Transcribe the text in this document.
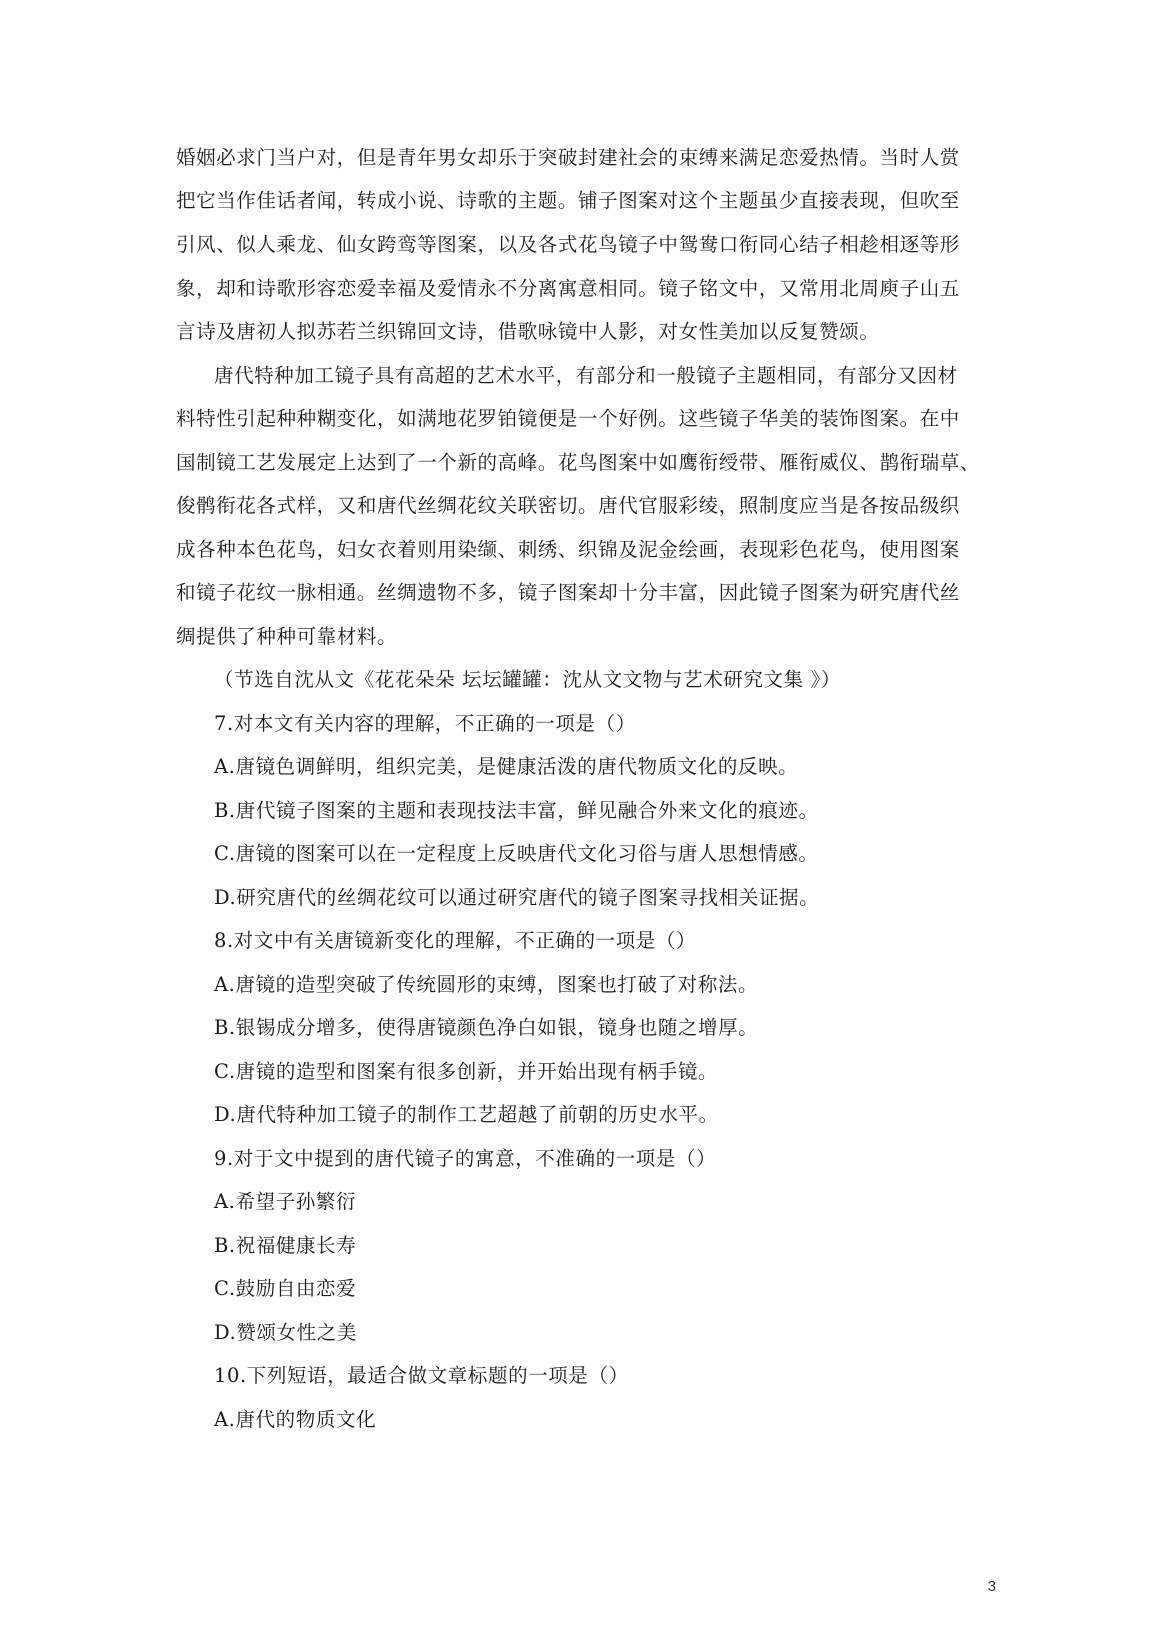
婚姻必求门当户对，但是青年男女却乐于突破封建社会的束缚来满足恋爱热情。当时人赏
把它当作佳话者闻，转成小说、诗歌的主题。铺子图案对这个主题虽少直接表现，但吹至
引风、似人乘龙、仙女跨鸾等图案，以及各式花鸟镜子中鸳鸯口衔同心结子相趁相逐等形
象，却和诗歌形容恋爱幸福及爱情永不分离寓意相同。镜子铭文中，又常用北周庾子山五
言诗及唐初人拟苏若兰织锦回文诗，借歌咏镜中人影，对女性美加以反复赞颂。
唐代特种加工镜子具有高超的艺术水平，有部分和一般镜子主题相同，有部分又因材
料特性引起种种糊变化，如满地花罗铂镜便是一个好例。这些镜子华美的装饰图案。在中
国制镜工艺发展定上达到了一个新的高峰。花鸟图案中如鹰衔绶带、雁衔威仪、鹊衔瑞草、
俊鹘衔花各式样，又和唐代丝绸花纹关联密切。唐代官服彩绫，照制度应当是各按品级织
成各种本色花鸟，妇女衣着则用染缬、刺绣、织锦及泥金绘画，表现彩色花鸟，使用图案
和镜子花纹一脉相通。丝绸遗物不多，镜子图案却十分丰富，因此镜子图案为研究唐代丝
绸提供了种种可靠材料。
（节选自沈从文《花花朵朵 坛坛罐罐：沈从文文物与艺术研究文集 》）
7.对本文有关内容的理解，不正确的一项是（）
A.唐镜色调鲜明，组织完美，是健康活泼的唐代物质文化的反映。
B.唐代镜子图案的主题和表现技法丰富，鲜见融合外来文化的痕迹。
C.唐镜的图案可以在一定程度上反映唐代文化习俗与唐人思想情感。
D.研究唐代的丝绸花纹可以通过研究唐代的镜子图案寻找相关证据。
8.对文中有关唐镜新变化的理解，不正确的一项是（）
A.唐镜的造型突破了传统圆形的束缚，图案也打破了对称法。
B.银锡成分增多，使得唐镜颜色净白如银，镜身也随之增厚。
C.唐镜的造型和图案有很多创新，并开始出现有柄手镜。
D.唐代特种加工镜子的制作工艺超越了前朝的历史水平。
9.对于文中提到的唐代镜子的寓意，不准确的一项是（）
A.希望子孙繁衍
B.祝福健康长寿
C.鼓励自由恋爱
D.赞颂女性之美
10.下列短语，最适合做文章标题的一项是（）
A.唐代的物质文化
3
